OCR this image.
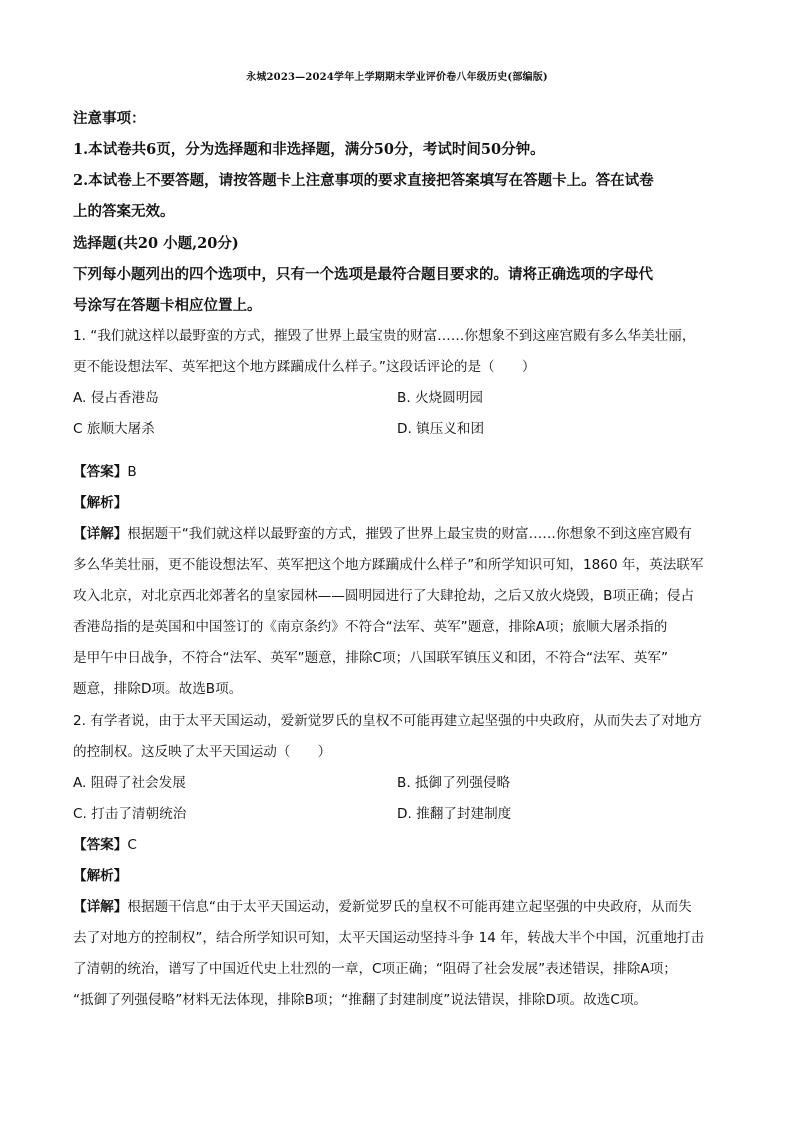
永城2023—2024学年上学期期末学业评价卷八年级历史(部编版)
注意事项：
1.本试卷共6页，分为选择题和非选择题，满分50分，考试时间50分钟。
2.本试卷上不要答题，请按答题卡上注意事项的要求直接把答案填写在答题卡上。答在试卷
上的答案无效。
选择题(共20 小题,20分)
下列每小题列出的四个选项中，只有一个选项是最符合题目要求的。请将正确选项的字母代
号涂写在答题卡相应位置上。
1. “我们就这样以最野蛮的方式，摧毁了世界上最宝贵的财富……你想象不到这座宫殿有多么华美壮丽，
更不能设想法军、英军把这个地方蹂躏成什么样子。”这段话评论的是（　　）
A. 侵占香港岛	B. 火烧圆明园
C 旅顺大屠杀	D. 镇压义和团
【答案】B
【解析】
【详解】根据题干“我们就这样以最野蛮的方式，摧毁了世界上最宝贵的财富……你想象不到这座宫殿有
多么华美壮丽，更不能设想法军、英军把这个地方蹂躏成什么样子”和所学知识可知，1860 年，英法联军
攻入北京，对北京西北郊著名的皇家园林——圆明园进行了大肆抢劫，之后又放火烧毁，B项正确；侵占
香港岛指的是英国和中国签订的《南京条约》不符合“法军、英军”题意，排除A项；旅顺大屠杀指的
是甲午中日战争，不符合“法军、英军”题意，排除C项；八国联军镇压义和团，不符合“法军、英军”
题意，排除D项。故选B项。
2. 有学者说，由于太平天国运动，爱新觉罗氏的皇权不可能再建立起坚强的中央政府，从而失去了对地方
的控制权。这反映了太平天国运动（　　）
A. 阻碍了社会发展	B. 抵御了列强侵略
C. 打击了清朝统治	D. 推翻了封建制度
【答案】C
【解析】
【详解】根据题干信息“由于太平天国运动，爱新觉罗氏的皇权不可能再建立起坚强的中央政府，从而失
去了对地方的控制权”，结合所学知识可知，太平天国运动坚持斗争 14 年，转战大半个中国，沉重地打击
了清朝的统治，谱写了中国近代史上壮烈的一章，C项正确；“阻碍了社会发展”表述错误，排除A项；
“抵御了列强侵略”材料无法体现，排除B项；“推翻了封建制度”说法错误，排除D项。故选C项。
